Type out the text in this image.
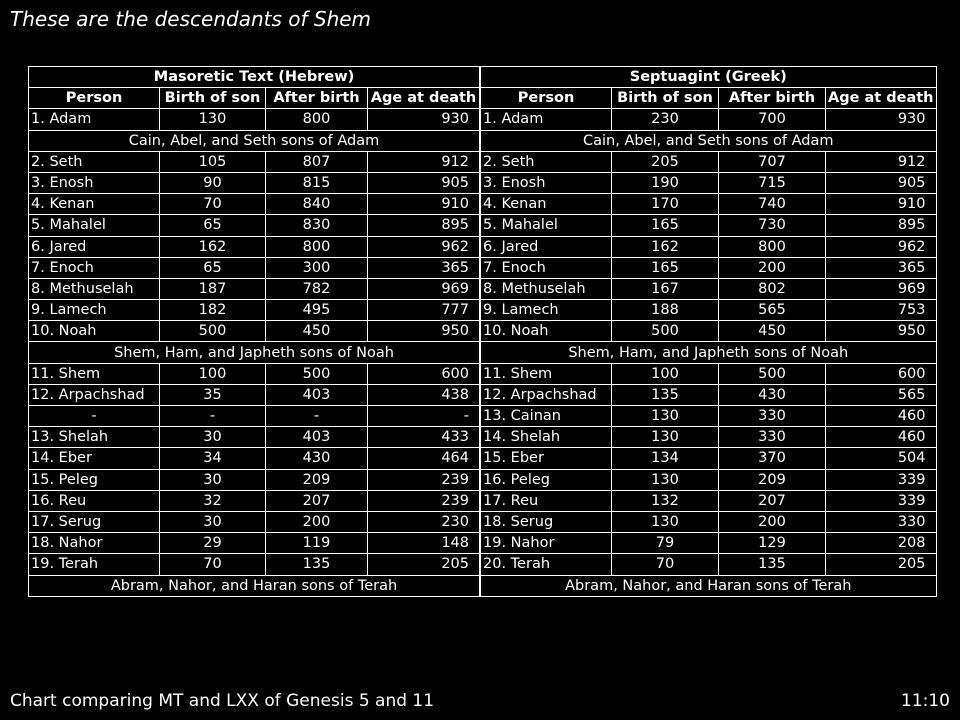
These are the descendants of Shem
Masoretic Text (Hebrew)			
Person	Birth of son	After birth	Age at death
1. Adam	130	800	930
Cain, Abel, and Seth sons of Adam			
2. Seth	105	807	912
3. Enosh	90	815	905
4. Kenan	70	840	910
5. Mahalel	65	830	895
6. Jared	162	800	962
7. Enoch	65	300	365
8. Methuselah	187	782	969
9. Lamech	182	495	777
10. Noah	500	450	950
Shem, Ham, and Japheth sons of Noah			
11. Shem	100	500	600
12. Arpachshad	35	403	438
-	-	-	-
13. Shelah	30	403	433
14. Eber	34	430	464
15. Peleg	30	209	239
16. Reu	32	207	239
17. Serug	30	200	230
18. Nahor	29	119	148
19. Terah	70	135	205
Abram, Nahor, and Haran sons of Terah			
Septuagint (Greek)			
Person	Birth of son	After birth	Age at death
1. Adam	230	700	930
Cain, Abel, and Seth sons of Adam			
2. Seth	205	707	912
3. Enosh	190	715	905
4. Kenan	170	740	910
5. Mahalel	165	730	895
6. Jared	162	800	962
7. Enoch	165	200	365
8. Methuselah	167	802	969
9. Lamech	188	565	753
10. Noah	500	450	950
Shem, Ham, and Japheth sons of Noah			
11. Shem	100	500	600
12. Arpachshad	135	430	565
13. Cainan	130	330	460
14. Shelah	130	330	460
15. Eber	134	370	504
16. Peleg	130	209	339
17. Reu	132	207	339
18. Serug	130	200	330
19. Nahor	79	129	208
20. Terah	70	135	205
Abram, Nahor, and Haran sons of Terah			
Chart comparing MT and LXX of Genesis 5 and 11	11:10
